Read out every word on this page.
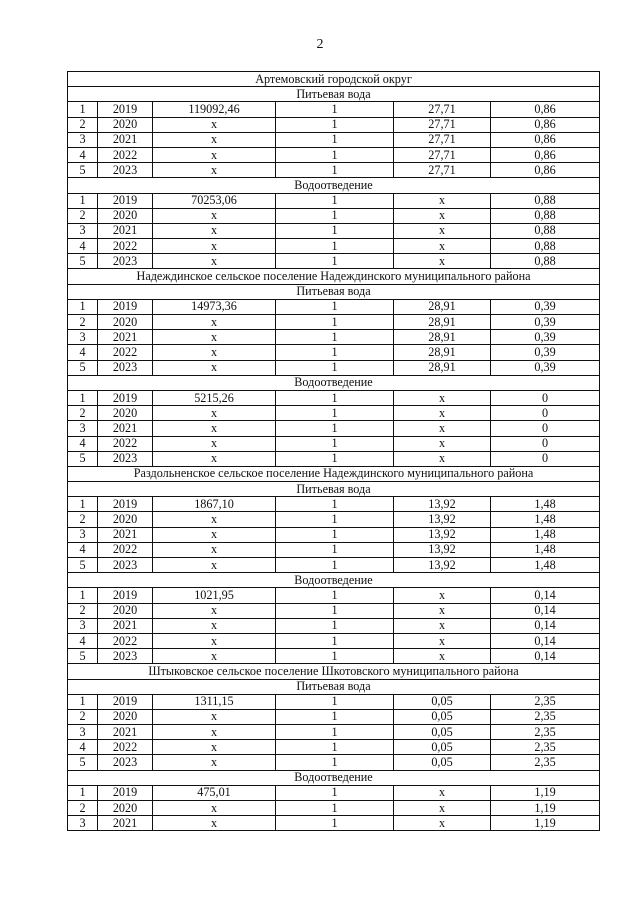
2
Артемовский городской округ					
Питьевая вода					
1	2019	119092,46	1	27,71	0,86
2	2020	x	1	27,71	0,86
3	2021	x	1	27,71	0,86
4	2022	x	1	27,71	0,86
5	2023	x	1	27,71	0,86
Водоотведение					
1	2019	70253,06	1	x	0,88
2	2020	x	1	x	0,88
3	2021	x	1	x	0,88
4	2022	x	1	x	0,88
5	2023	x	1	x	0,88
Надеждинское сельское поселение Надеждинского муниципального района					
Питьевая вода					
1	2019	14973,36	1	28,91	0,39
2	2020	x	1	28,91	0,39
3	2021	x	1	28,91	0,39
4	2022	x	1	28,91	0,39
5	2023	x	1	28,91	0,39
Водоотведение					
1	2019	5215,26	1	x	0
2	2020	x	1	x	0
3	2021	x	1	x	0
4	2022	x	1	x	0
5	2023	x	1	x	0
Раздольненское сельское поселение Надеждинского муниципального района					
Питьевая вода					
1	2019	1867,10	1	13,92	1,48
2	2020	x	1	13,92	1,48
3	2021	x	1	13,92	1,48
4	2022	x	1	13,92	1,48
5	2023	x	1	13,92	1,48
Водоотведение					
1	2019	1021,95	1	x	0,14
2	2020	x	1	x	0,14
3	2021	x	1	x	0,14
4	2022	x	1	x	0,14
5	2023	x	1	x	0,14
Штыковское сельское поселение Шкотовского муниципального района					
Питьевая вода					
1	2019	1311,15	1	0,05	2,35
2	2020	x	1	0,05	2,35
3	2021	x	1	0,05	2,35
4	2022	x	1	0,05	2,35
5	2023	x	1	0,05	2,35
Водоотведение					
1	2019	475,01	1	x	1,19
2	2020	x	1	x	1,19
3	2021	x	1	x	1,19
